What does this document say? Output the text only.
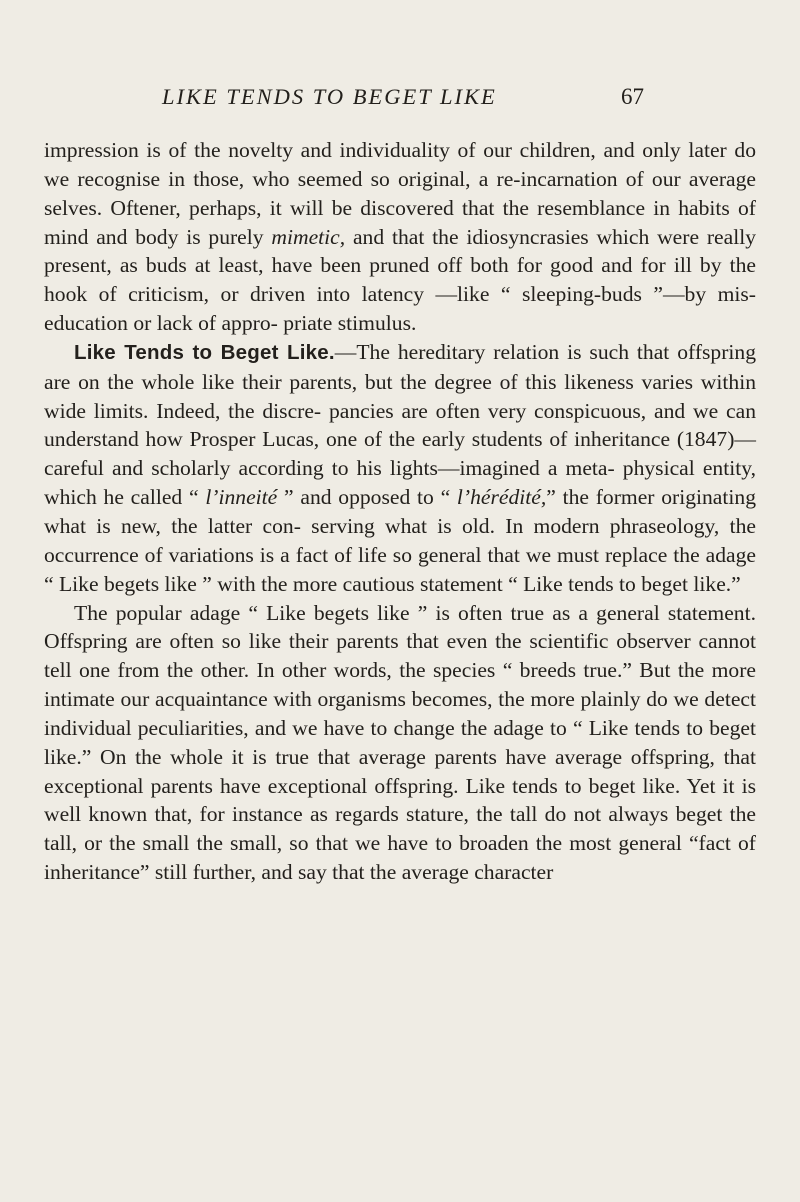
LIKE TENDS TO BEGET LIKE	67

impression is of the novelty and individuality of our children, and only later do we recognise in those, who seemed so original, a re-incarnation of our average selves. Oftener, perhaps, it will be discovered that the resemblance in habits of mind and body is purely mimetic, and that the idiosyncrasies which were really present, as buds at least, have been pruned off both for good and for ill by the hook of criticism, or driven into latency —like “ sleeping-buds ”—by mis-education or lack of appro- priate stimulus.

Like Tends to Beget Like.—The hereditary relation is such that offspring are on the whole like their parents, but the degree of this likeness varies within wide limits. Indeed, the discre- pancies are often very conspicuous, and we can understand how Prosper Lucas, one of the early students of inheritance (1847)— careful and scholarly according to his lights—imagined a meta- physical entity, which he called “ l’inneité ” and opposed to “ l’hérédité,” the former originating what is new, the latter con- serving what is old. In modern phraseology, the occurrence of variations is a fact of life so general that we must replace the adage “ Like begets like ” with the more cautious statement “ Like tends to beget like.”

The popular adage “ Like begets like ” is often true as a general statement. Offspring are often so like their parents that even the scientific observer cannot tell one from the other. In other words, the species “ breeds true.” But the more intimate our acquaintance with organisms becomes, the more plainly do we detect individual peculiarities, and we have to change the adage to “ Like tends to beget like.” On the whole it is true that average parents have average offspring, that exceptional parents have exceptional offspring. Like tends to beget like. Yet it is well known that, for instance as regards stature, the tall do not always beget the tall, or the small the small, so that we have to broaden the most general “fact of inheritance” still further, and say that the average character
